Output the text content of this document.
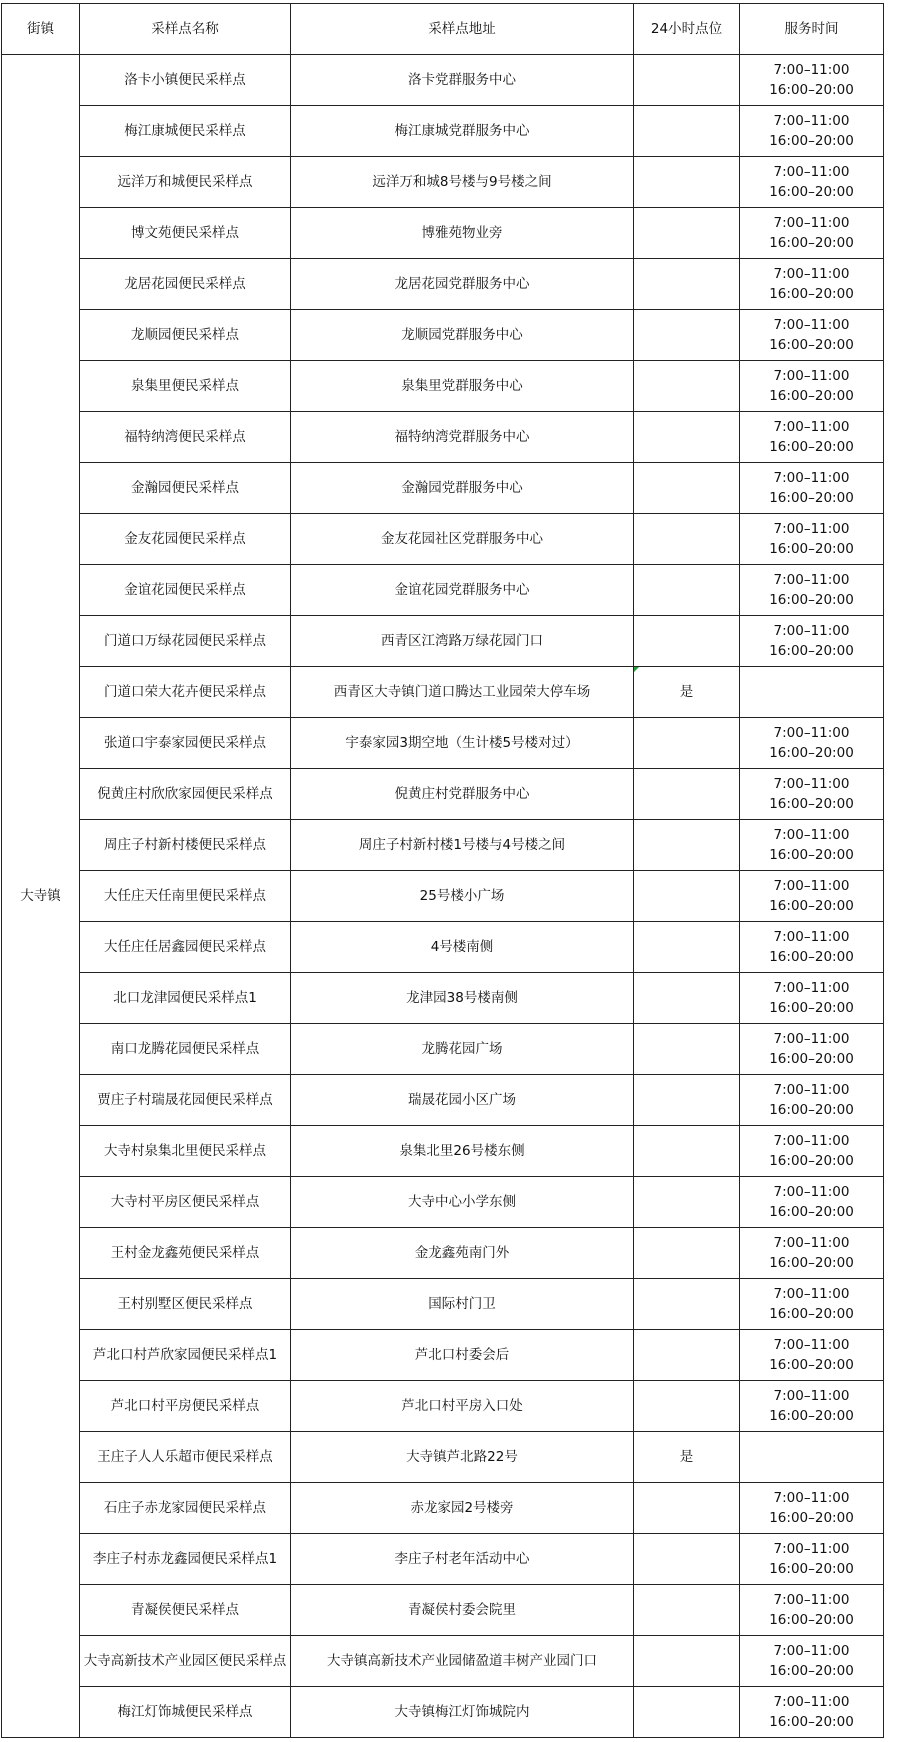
街镇	采样点名称	采样点地址	24小时点位	服务时间
大寺镇	洛卡小镇便民采样点	洛卡党群服务中心		7:00–11:00
16:00–20:00

	梅江康城便民采样点	梅江康城党群服务中心		7:00–11:00
16:00–20:00

	远洋万和城便民采样点	远洋万和城8号楼与9号楼之间		7:00–11:00
16:00–20:00

	博文苑便民采样点	博雅苑物业旁		7:00–11:00
16:00–20:00

	龙居花园便民采样点	龙居花园党群服务中心		7:00–11:00
16:00–20:00

	龙顺园便民采样点	龙顺园党群服务中心		7:00–11:00
16:00–20:00

	泉集里便民采样点	泉集里党群服务中心		7:00–11:00
16:00–20:00

	福特纳湾便民采样点	福特纳湾党群服务中心		7:00–11:00
16:00–20:00

	金瀚园便民采样点	金瀚园党群服务中心		7:00–11:00
16:00–20:00

	金友花园便民采样点	金友花园社区党群服务中心		7:00–11:00
16:00–20:00

	金谊花园便民采样点	金谊花园党群服务中心		7:00–11:00
16:00–20:00

	门道口万绿花园便民采样点	西青区江湾路万绿花园门口		7:00–11:00
16:00–20:00

	门道口荣大花卉便民采样点	西青区大寺镇门道口腾达工业园荣大停车场	是	

	张道口宇泰家园便民采样点	宇泰家园3期空地（生计楼5号楼对过）		7:00–11:00
16:00–20:00

	倪黄庄村欣欣家园便民采样点	倪黄庄村党群服务中心		7:00–11:00
16:00–20:00

	周庄子村新村楼便民采样点	周庄子村新村楼1号楼与4号楼之间		7:00–11:00
16:00–20:00

	大任庄天任南里便民采样点	25号楼小广场		7:00–11:00
16:00–20:00

	大任庄任居鑫园便民采样点	4号楼南侧		7:00–11:00
16:00–20:00

	北口龙津园便民采样点1	龙津园38号楼南侧		7:00–11:00
16:00–20:00

	南口龙腾花园便民采样点	龙腾花园广场		7:00–11:00
16:00–20:00

	贾庄子村瑞晟花园便民采样点	瑞晟花园小区广场		7:00–11:00
16:00–20:00

	大寺村泉集北里便民采样点	泉集北里26号楼东侧		7:00–11:00
16:00–20:00

	大寺村平房区便民采样点	大寺中心小学东侧		7:00–11:00
16:00–20:00

	王村金龙鑫苑便民采样点	金龙鑫苑南门外		7:00–11:00
16:00–20:00

	王村别墅区便民采样点	国际村门卫		7:00–11:00
16:00–20:00

	芦北口村芦欣家园便民采样点1	芦北口村委会后		7:00–11:00
16:00–20:00

	芦北口村平房便民采样点	芦北口村平房入口处		7:00–11:00
16:00–20:00

	王庄子人人乐超市便民采样点	大寺镇芦北路22号	是	

	石庄子赤龙家园便民采样点	赤龙家园2号楼旁		7:00–11:00
16:00–20:00

	李庄子村赤龙鑫园便民采样点1	李庄子村老年活动中心		7:00–11:00
16:00–20:00

	青凝侯便民采样点	青凝侯村委会院里		7:00–11:00
16:00–20:00

	大寺高新技术产业园区便民采样点	大寺镇高新技术产业园储盈道丰树产业园门口		7:00–11:00
16:00–20:00

	梅江灯饰城便民采样点	大寺镇梅江灯饰城院内		7:00–11:00
16:00–20:00
